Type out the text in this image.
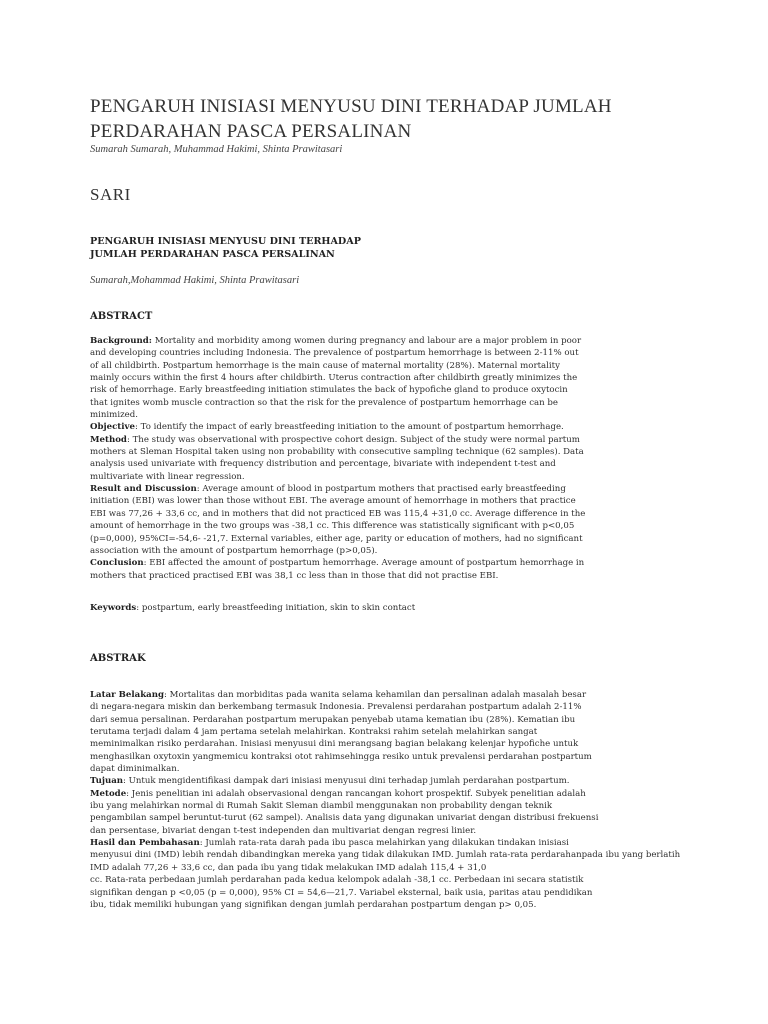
PENGARUH INISIASI MENYUSU DINI TERHADAP JUMLAH
PERDARAHAN PASCA PERSALINAN
Sumarah Sumarah, Muhammad Hakimi, Shinta Prawitasari
SARI
PENGARUH INISIASI MENYUSU DINI TERHADAP
JUMLAH PERDARAHAN PASCA PERSALINAN
Sumarah,Mohammad Hakimi, Shinta Prawitasari
ABSTRACT
Background: Mortality and morbidity among women during pregnancy and labour are a major problem in poor
and developing countries including Indonesia. The prevalence of postpartum hemorrhage is between 2-11% out
of all childbirth. Postpartum hemorrhage is the main cause of maternal mortality (28%). Maternal mortality
mainly occurs within the first 4 hours after childbirth. Uterus contraction after childbirth greatly minimizes the
risk of hemorrhage. Early breastfeeding initiation stimulates the back of hypofiche gland to produce oxytocin
that ignites womb muscle contraction so that the risk for the prevalence of postpartum hemorrhage can be
minimized.
Objective: To identify the impact of early breastfeeding initiation to the amount of postpartum hemorrhage.
Method: The study was observational with prospective cohort design. Subject of the study were normal partum
mothers at Sleman Hospital taken using non probability with consecutive sampling technique (62 samples). Data
analysis used univariate with frequency distribution and percentage, bivariate with independent t-test and
multivariate with linear regression.
Result and Discussion: Average amount of blood in postpartum mothers that practised early breastfeeding
initiation (EBI) was lower than those without EBI. The average amount of hemorrhage in mothers that practice
EBI was 77,26 + 33,6 cc, and in mothers that did not practiced EB was 115,4 +31,0 cc. Average difference in the
amount of hemorrhage in the two groups was -38,1 cc. This difference was statistically significant with p<0,05
(p=0,000), 95%CI=-54,6- -21,7. External variables, either age, parity or education of mothers, had no significant
association with the amount of postpartum hemorrhage (p>0,05).
Conclusion: EBI affected the amount of postpartum hemorrhage. Average amount of postpartum hemorrhage in
mothers that practiced practised EBI was 38,1 cc less than in those that did not practise EBI.
Keywords: postpartum, early breastfeeding initiation, skin to skin contact
ABSTRAK
Latar Belakang: Mortalitas dan morbiditas pada wanita selama kehamilan dan persalinan adalah masalah besar
di negara-negara miskin dan berkembang termasuk Indonesia. Prevalensi perdarahan postpartum adalah 2-11%
dari semua persalinan. Perdarahan postpartum merupakan penyebab utama kematian ibu (28%). Kematian ibu
terutama terjadi dalam 4 jam pertama setelah melahirkan. Kontraksi rahim setelah melahirkan sangat
meminimalkan risiko perdarahan. Inisiasi menyusui dini merangsang bagian belakang kelenjar hypofiche untuk
menghasilkan oxytoxin yangmemicu kontraksi otot rahimsehingga resiko untuk prevalensi perdarahan postpartum
dapat diminimalkan.
Tujuan: Untuk mengidentifikasi dampak dari inisiasi menyusui dini terhadap jumlah perdarahan postpartum.
Metode: Jenis penelitian ini adalah observasional dengan rancangan kohort prospektif. Subyek penelitian adalah
ibu yang melahirkan normal di Rumah Sakit Sleman diambil menggunakan non probability dengan teknik
pengambilan sampel beruntut-turut (62 sampel). Analisis data yang digunakan univariat dengan distribusi frekuensi
dan persentase, bivariat dengan t-test independen dan multivariat dengan regresi linier.
Hasil dan Pembahasan: Jumlah rata-rata darah pada ibu pasca melahirkan yang dilakukan tindakan inisiasi
menyusui dini (IMD) lebih rendah dibandingkan mereka yang tidak dilakukan IMD. Jumlah rata-rata perdarahanpada ibu yang berlatih
IMD adalah 77,26 + 33,6 cc, dan pada ibu yang tidak melakukan IMD adalah 115,4 + 31,0
cc. Rata-rata perbedaan jumlah perdarahan pada kedua kelompok adalah -38,1 cc. Perbedaan ini secara statistik
signifikan dengan p <0,05 (p = 0,000), 95% CI = 54,6—21,7. Variabel eksternal, baik usia, paritas atau pendidikan
ibu, tidak memiliki hubungan yang signifikan dengan jumlah perdarahan postpartum dengan p> 0,05.
